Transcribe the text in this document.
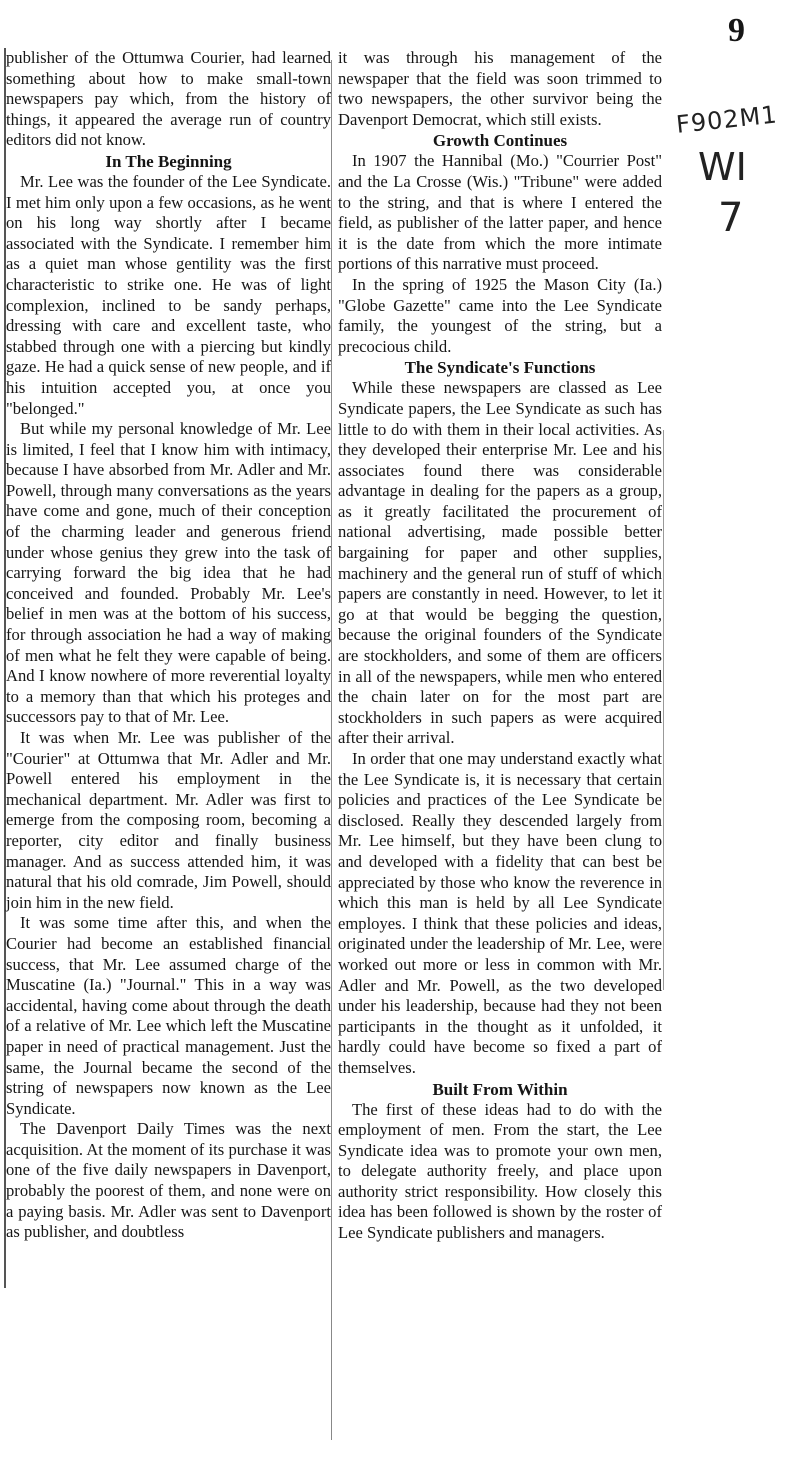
9

publisher of the Ottumwa Courier, had learned something about how to make small-town newspapers pay which, from the history of things, it appeared the average run of country editors did not know.

In The Beginning

Mr. Lee was the founder of the Lee Syndicate. I met him only upon a few occasions, as he went on his long way shortly after I became associated with the Syndicate. I remember him as a quiet man whose gentility was the first characteristic to strike one. He was of light complexion, inclined to be sandy perhaps, dressing with care and excellent taste, who stabbed through one with a piercing but kindly gaze. He had a quick sense of new people, and if his intuition accepted you, at once you "belonged."

But while my personal knowledge of Mr. Lee is limited, I feel that I know him with intimacy, because I have absorbed from Mr. Adler and Mr. Powell, through many conversations as the years have come and gone, much of their conception of the charming leader and generous friend under whose genius they grew into the task of carrying forward the big idea that he had conceived and founded. Probably Mr. Lee's belief in men was at the bottom of his success, for through association he had a way of making of men what he felt they were capable of being. And I know nowhere of more reverential loyalty to a memory than that which his proteges and successors pay to that of Mr. Lee.

It was when Mr. Lee was publisher of the "Courier" at Ottumwa that Mr. Adler and Mr. Powell entered his employment in the mechanical department. Mr. Adler was first to emerge from the composing room, becoming a reporter, city editor and finally business manager. And as success attended him, it was natural that his old comrade, Jim Powell, should join him in the new field.

It was some time after this, and when the Courier had become an established financial success, that Mr. Lee assumed charge of the Muscatine (Ia.) "Journal." This in a way was accidental, having come about through the death of a relative of Mr. Lee which left the Muscatine paper in need of practical management. Just the same, the Journal became the second of the string of newspapers now known as the Lee Syndicate.

The Davenport Daily Times was the next acquisition. At the moment of its purchase it was one of the five daily newspapers in Davenport, probably the poorest of them, and none were on a paying basis. Mr. Adler was sent to Davenport as publisher, and doubtless

it was through his management of the newspaper that the field was soon trimmed to two newspapers, the other survivor being the Davenport Democrat, which still exists.

Growth Continues

In 1907 the Hannibal (Mo.) "Courrier Post" and the La Crosse (Wis.) "Tribune" were added to the string, and that is where I entered the field, as publisher of the latter paper, and hence it is the date from which the more intimate portions of this narrative must proceed.

In the spring of 1925 the Mason City (Ia.) "Globe Gazette" came into the Lee Syndicate family, the youngest of the string, but a precocious child.

The Syndicate's Functions

While these newspapers are classed as Lee Syndicate papers, the Lee Syndicate as such has little to do with them in their local activities. As they developed their enterprise Mr. Lee and his associates found there was considerable advantage in dealing for the papers as a group, as it greatly facilitated the procurement of national advertising, made possible better bargaining for paper and other supplies, machinery and the general run of stuff of which papers are constantly in need. However, to let it go at that would be begging the question, because the original founders of the Syndicate are stockholders, and some of them are officers in all of the newspapers, while men who entered the chain later on for the most part are stockholders in such papers as were acquired after their arrival.

In order that one may understand exactly what the Lee Syndicate is, it is necessary that certain policies and practices of the Lee Syndicate be disclosed. Really they descended largely from Mr. Lee himself, but they have been clung to and developed with a fidelity that can best be appreciated by those who know the reverence in which this man is held by all Lee Syndicate employes. I think that these policies and ideas, originated under the leadership of Mr. Lee, were worked out more or less in common with Mr. Adler and Mr. Powell, as the two developed under his leadership, because had they not been participants in the thought as it unfolded, it hardly could have become so fixed a part of themselves.

Built From Within

The first of these ideas had to do with the employment of men. From the start, the Lee Syndicate idea was to promote your own men, to delegate authority freely, and place upon authority strict responsibility. How closely this idea has been followed is shown by the roster of Lee Syndicate publishers and managers.

F902M1
WI
7
